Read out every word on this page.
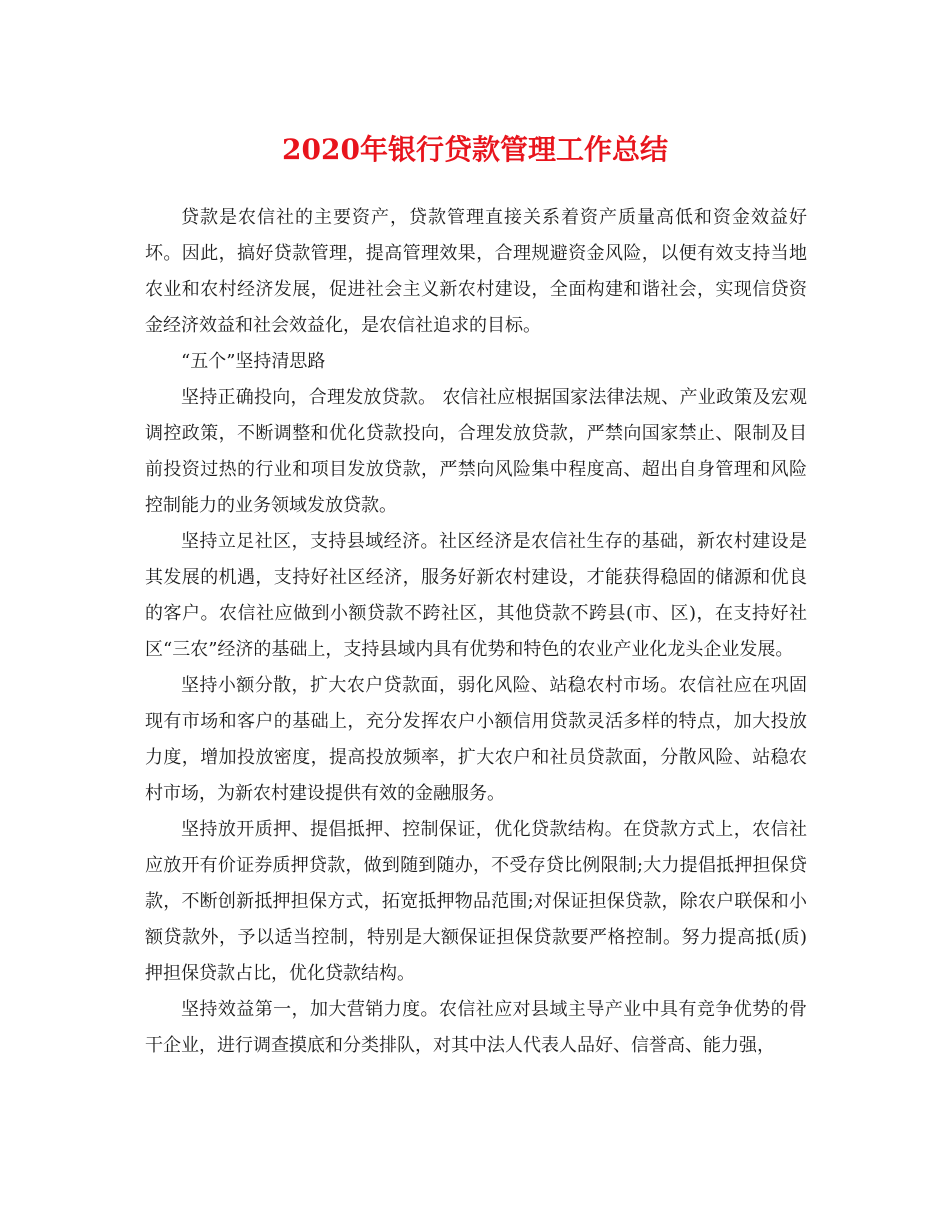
2020年银行贷款管理工作总结

贷款是农信社的主要资产，贷款管理直接关系着资产质量高低和资金效益好坏。因此，搞好贷款管理，提高管理效果，合理规避资金风险，以便有效支持当地农业和农村经济发展，促进社会主义新农村建设，全面构建和谐社会，实现信贷资金经济效益和社会效益化，是农信社追求的目标。

“五个”坚持清思路

坚持正确投向，合理发放贷款。 农信社应根据国家法律法规、产业政策及宏观调控政策，不断调整和优化贷款投向，合理发放贷款，严禁向国家禁止、限制及目前投资过热的行业和项目发放贷款，严禁向风险集中程度高、超出自身管理和风险控制能力的业务领域发放贷款。

坚持立足社区，支持县域经济。社区经济是农信社生存的基础，新农村建设是其发展的机遇，支持好社区经济，服务好新农村建设，才能获得稳固的储源和优良的客户。农信社应做到小额贷款不跨社区，其他贷款不跨县(市、区)，在支持好社区“三农”经济的基础上，支持县域内具有优势和特色的农业产业化龙头企业发展。

坚持小额分散，扩大农户贷款面，弱化风险、站稳农村市场。农信社应在巩固现有市场和客户的基础上，充分发挥农户小额信用贷款灵活多样的特点，加大投放力度，增加投放密度，提高投放频率，扩大农户和社员贷款面，分散风险、站稳农村市场，为新农村建设提供有效的金融服务。

坚持放开质押、提倡抵押、控制保证，优化贷款结构。在贷款方式上，农信社应放开有价证券质押贷款，做到随到随办，不受存贷比例限制;大力提倡抵押担保贷款，不断创新抵押担保方式，拓宽抵押物品范围;对保证担保贷款，除农户联保和小额贷款外，予以适当控制，特别是大额保证担保贷款要严格控制。努力提高抵(质)押担保贷款占比，优化贷款结构。

坚持效益第一，加大营销力度。农信社应对县域主导产业中具有竞争优势的骨干企业，进行调查摸底和分类排队，对其中法人代表人品好、信誉高、能力强，
